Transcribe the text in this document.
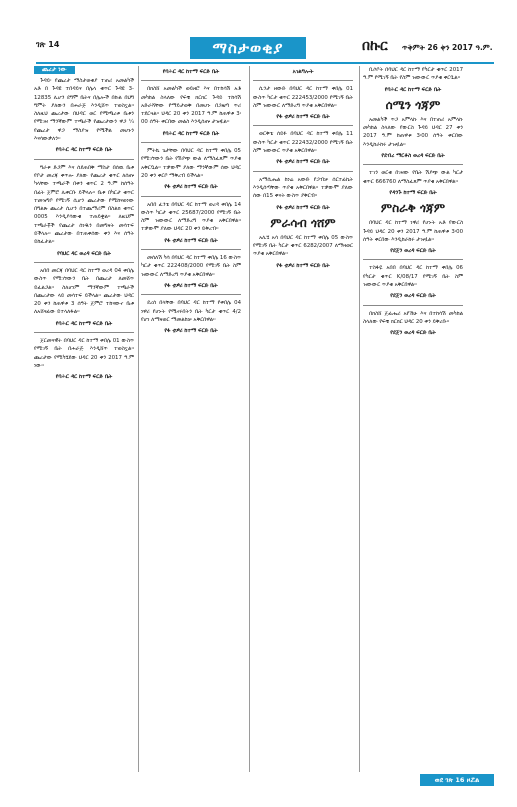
ገጽ 14	ማስታወቂያ	በኩር ጥቅምት 26 ቀን 2017 ዓ.ም.
ጨረታ ነው

ጉዳይ፡ የጨረታ ማስታወቂያ ተጠሪ አመልካች አቶ በ ጉዳዩ ተበዳይና በሌላ ቁጥር ጉዳዩ 3-12835 ሊሆን ደግሞ ቤትና በሌሎች በኩል በህግ ግምት ያለውን በሐራጅ እንዲሸጥ ተወስኗል፡፡ ስለዚህ ጨረታው በህዳር ወር የሚጫረቱ ቤቱን የሚገዛ ማንኛውም ተጫራች የጨረታውን ዋጋ ¼ የጨረታ ዋጋ ማስያዝ የሚችል መሆኑን እናሳውቃለን፡፡

የባሕር ዳር ከተማ ፍርድ ቤት

ግራቱ ድጋም እና ሰደጠበቅ ማስታ በሰዉ ቤቱ የቦታ መረጃ ቀጥሎ ያለው የጨረታ ቁጥር ለሰጡ ካላቸው ተጫራች በቀን ቁጥር 2 ዓ.ም ከሰዓት በፊት ጀምሮ ሊቀርቡ ይችላሉ፡፡ ቤቱ በካርታ ቁጥር ተመዝግቦ የሚገኝ ሲሆን ጨረታው የሚከናወነው በግልጽ ጨረታ ሲሆን በተጨማሪም በስልክ ቁጥር 0005 እንዲያሳውቁ ተጠይቋል፡፡ ለዚህም ተጫራቾች የጨረታ ሰነዱን በመግዛት መሳተፍ ይችላሉ፡፡ ጨረታው በተጠቀሰው ቀን እና ሰዓት ይከፈታል፡፡

የባህር ዳር ወረዳ ፍርድ ቤት

አበበ መርጃ በባህር ዳር ከተማ ወረዳ 04 ቀበሌ ውስጥ የሚገኘውን ቤት በጨረታ ለመሸጥ ይፈልጋል፡፡ ስለሆነም ማንኛውም ተጫራች በጨረታው ላይ መሳተፍ ይችላል፡፡ ጨረታው ህዳር 20 ቀን ከጠዋቱ 3 ሰዓት ጀምሮ ተከናውኖ ቤቱ ለአሸናፊው ይተላለፋል፡፡

የባሕር ዳር ከተማ ፍርድ ቤት

ጀርመናዊት በባህር ዳር ከተማ ቀበሌ 01 ውስጥ የሚገኝ ቤት በሐራጅ እንዲሸጥ ተወስኗል፡፡ ጨረታው የሚካሄደው ህዳር 20 ቀን 2017 ዓ.ም ነው፡፡

የባሕር ዳር ከተማ ፍርድ ቤት
የባሕር ዳር ከተማ ፍርድ ቤት

በክስሸ አመልካች ወይዘሮ እና በተከሳሽ አቶ መካከል ስላለው የፍቺ ክርክር ጉዳይ ተከሳሽ አድራሻቸው የማይታወቅ በመሆኑ በጋዜጣ ጥሪ ተደርጓል፡፡ ህዳር 20 ቀን 2017 ዓ.ም ከጠዋቱ 3፡00 ሰዓት ቀርበው መልስ እንዲሰጡ ታዝዟል፡፡

የባሕር ዳር ከተማ ፍርድ ቤት

ምትኬ ጌታቸው በባህር ዳር ከተማ ቀበሌ 05 የሚገኘውን ቤት የሽያጭ ውል ለማስፈጸም ጥያቄ አቅርቧል፡፡ ተቃውሞ ያለው ማንኛውም ሰው ህዳር 20 ቀን ቀርቦ ማቅረብ ይችላል፡፡

የፋ ቲዎሪ ከተማ ፍርድ ቤት

አበበ ፈንቴ በባህር ዳር ከተማ ወረዳ ቀበሌ 14 ውስጥ ካርታ ቁጥር 25687/2000 የሚገኝ ቤት ስም ዝውውር ለማድረግ ጥያቄ አቅርበዋል፡፡ ተቃውሞ ያለው ህዳር 20 ቀን ይቅረብ፡፡

የፋ ቲዎሪ ከተማ ፍርድ ቤት

መሰለሽ ካሳ በባህር ዳር ከተማ ቀበሌ 16 ውስጥ ካርታ ቁጥር 222408/2000 የሚገኝ ቤት ስም ዝውውር ለማድረግ ጥያቄ አቅርበዋል፡፡

የፋ ቲዎሪ ከተማ ፍርድ ቤት

ደረሰ በላቸው በባህር ዳር ከተማ የቀበሌ 04 ነዋሪ የሆኑት የሚኖሩበትን ቤት ካርታ ቁጥር 4/2 የሆነ ለማዛወር ማመልከቻ አቅርበዋል፡፡

የፋ ቲዎሪ ከተማ ፍርድ ቤት
አገልግሎት

ሲንታ ዘውድ በባህር ዳር ከተማ ቀበሌ 01 ውስጥ ካርታ ቁጥር 222453/2000 የሚገኝ ቤት ስም ዝውውር ለማድረግ ጥያቄ አቅርበዋል፡፡

የፋ ቲዎሪ ከተማ ፍርድ ቤት

ወርቅቴ ሰይፉ በባህር ዳር ከተማ ቀበሌ 11 ውስጥ ካርታ ቁጥር 222432/2000 የሚገኝ ቤት ስም ዝውውር ጥያቄ አቅርበዋል፡፡

የፋ ቲዎሪ ከተማ ፍርድ ቤት

አማሲሔል ከነሬ አውድ የጋብቻ ሰርተፊኬት እንዲሰጣቸው ጥያቄ አቅርበዋል፡፡ ተቃውሞ ያለው ሰው በ15 ቀናት ውስጥ ያቅርብ፡፡

የፋ ቲዎሪ ከተማ ፍርድ ቤት
ምራሳብ ጎሸም

አሊሄ አሳ በባህር ዳር ከተማ ቀበሌ 05 ውስጥ የሚገኝ ቤት ካርታ ቁጥር 6282/2007 ለማዛወር ጥያቄ አቅርበዋል፡፡

የፋ ቲዎሪ ከተማ ፍርድ ቤት

ቢሶቦት በባህር ዳር ከተማ የካርታ ቁጥር 2017 ዓ.ም የሚገኝ ቤት የስም ዝውውር ጥያቄ ቀርቧል፡፡

የባሕር ዳር ከተማ ፍርድ ቤት
ሰሜን ጎጃም

አመልካች ጥጋ አምላኩ እና በተጠሪ አምላኩ መካከል ስላለው የውርስ ጉዳይ ህዳር 27 ቀን 2017 ዓ.ም ከጠዋቱ 3፡00 ሰዓት ቀርበው እንዲከራከሩ ታዝዟል፡፡

የደብረ ማርቆስ ወረዳ ፍርድ ቤት

ተገን ወርቁ በገዛው የቤት ሽያጭ ውል ካርታ ቁጥር 666760 ለማስፈጸም ጥያቄ አቅርበዋል፡፡

የዳንጉ ከተማ ፍርድ ቤት
ምስራቅ ጎጃም

በባህር ዳር ከተማ ነዋሪ የሆኑት አቶ የውርስ ጉዳይ ህዳር 20 ቀን 2017 ዓ.ም ከጠዋቱ 3፡00 ሰዓት ቀርበው እንዲከራከሩ ታዝዟል፡፡

የደጀን ወረዳ ፍርድ ቤት

ተስፋዬ አበበ በባህር ዳር ከተማ ቀበሌ 06 የካርታ ቁጥር K/08/17 የሚገኝ ቤት ስም ዝውውር ጥያቄ አቅርበዋል፡፡

የደጀን ወረዳ ፍርድ ቤት

በክስሸ ጀፊሔሪ አየኸሁ እና በተከሳሽ መካከል ስላለው የፍቺ ክርክር ህዳር 20 ቀን ይቅረቡ፡፡

የደጀን ወረዳ ፍርድ ቤት
ወደ ገጽ 16 ዞሯል
